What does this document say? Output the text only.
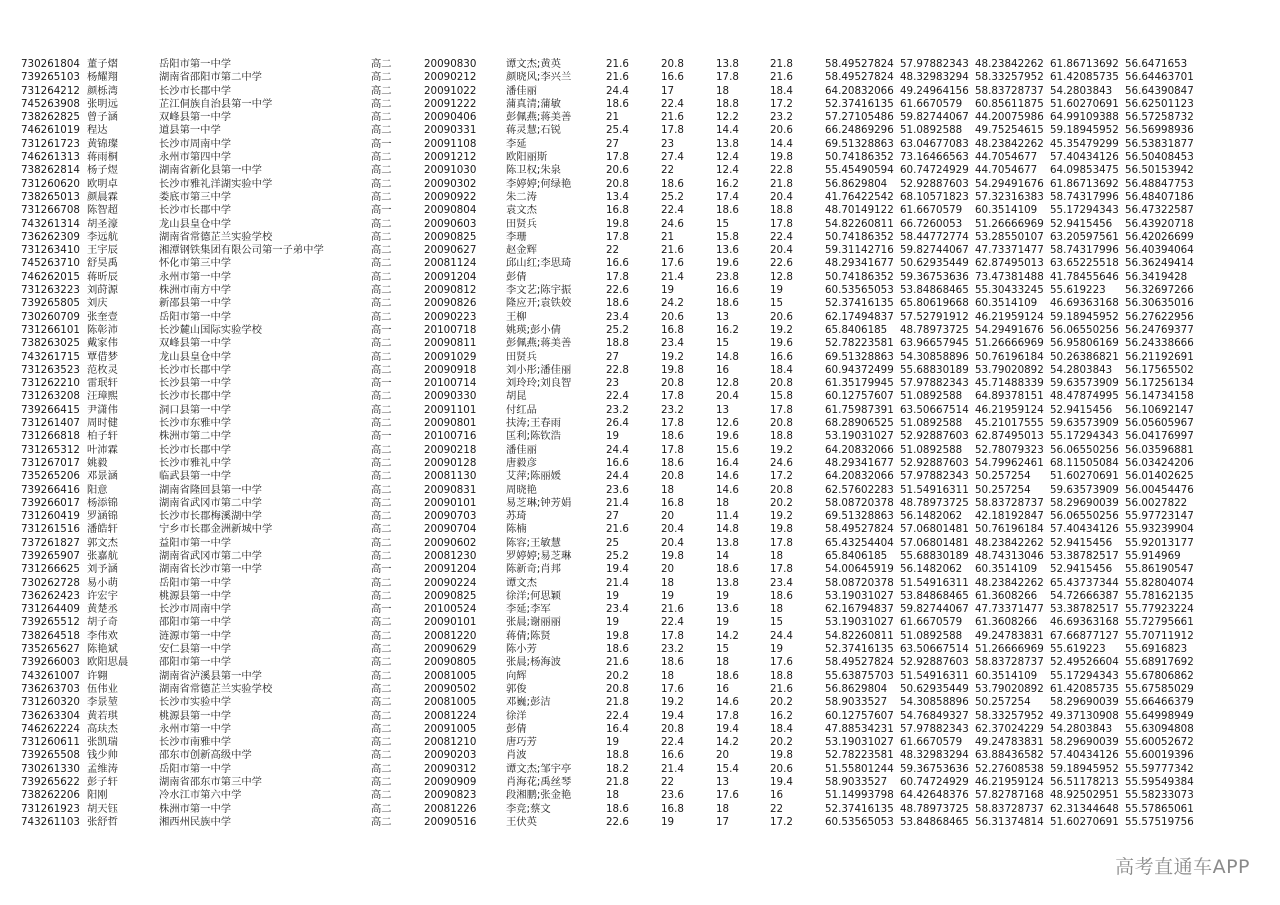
730261804	董子熠	岳阳市第一中学	高二	20090830	谭文杰;黄英	21.6	20.8	13.8	21.8	58.49527824	57.97882343	48.23842262	61.86713692	56.6471653
739265103	杨耀翔	湖南省邵阳市第二中学	高二	20090212	颜晓风;李兴兰	21.6	16.6	17.8	21.6	58.49527824	48.32983294	58.33257952	61.42085735	56.64463701
731264212	颜栎湾	长沙市长郡中学	高二	20091022	潘佳丽	24.4	17	18	18.4	64.20832066	49.24964156	58.83728737	54.2803843	56.64390847
745263908	张明远	芷江侗族自治县第一中学	高二	20091222	蒲真清;蒲敏	18.6	22.4	18.8	17.2	52.37416135	61.6670579	60.85611875	51.60270691	56.62501123
738262825	曾子涵	双峰县第一中学	高二	20090406	彭佩燕;蒋美善	21	21.6	12.2	23.2	57.27105486	59.82744067	44.20075986	64.99109388	56.57258732
746261019	程达	道县第一中学	高二	20090331	蒋灵慧;石锐	25.4	17.8	14.4	20.6	66.24869296	51.0892588	49.75254615	59.18945952	56.56998936
731261723	黄锦璨	长沙市周南中学	高一	20091108	李延	27	23	13.8	14.4	69.51328863	63.04677083	48.23842262	45.35479299	56.53831877
746261313	蒋雨桐	永州市第四中学	高二	20091212	欧阳丽斯	17.8	27.4	12.4	19.8	50.74186352	73.16466563	44.7054677	57.40434126	56.50408453
738262814	杨子煜	湖南省新化县第一中学	高二	20091030	陈卫权;朱泉	20.6	22	12.4	22.8	55.45490594	60.74724929	44.7054677	64.09853475	56.50153942
731260620	欧明卓	长沙市雅礼洋湖实验中学	高二	20090302	李婷婷;何绿艳	20.8	18.6	16.2	21.8	56.8629804	52.92887603	54.29491676	61.86713692	56.48847753
738265013	颜晨霖	娄底市第三中学	高二	20090922	朱二涛	13.4	25.2	17.4	20.4	41.76422542	68.10571823	57.32316383	58.74317996	56.48407186
731266708	陈智超	长沙市长郡中学	高一	20090804	袁文杰	16.8	22.4	18.6	18.8	48.70149122	61.6670579	60.3514109	55.17294343	56.47322587
743261314	胡圣濠	龙山县皇仓中学	高二	20090603	田贤兵	19.8	24.6	15	17.8	54.82260811	66.7260053	51.26666969	52.9415456	56.43920718
736262309	李远航	湖南省常德芷兰实验学校	高二	20090825	李珊	17.8	21	15.8	22.4	50.74186352	58.44772774	53.28550107	63.20597561	56.42026699
731263410	王宇辰	湘潭钢铁集团有限公司第一子弟中学	高二	20090627	赵金辉	22	21.6	13.6	20.4	59.31142716	59.82744067	47.73371477	58.74317996	56.40394064
745263710	舒昊禹	怀化市第三中学	高二	20081124	邱山红;李思琦	16.6	17.6	19.6	22.6	48.29341677	50.62935449	62.87495013	63.65225518	56.36249414
746262015	蒋昕辰	永州市第一中学	高二	20091204	彭倩	17.8	21.4	23.8	12.8	50.74186352	59.36753636	73.47381488	41.78455646	56.3419428
731263223	刘莳源	株洲市南方中学	高二	20090812	李文艺;陈宇振	22.6	19	16.6	19	60.53565053	53.84868465	55.30433245	55.619223	56.32697266
739265805	刘庆	新邵县第一中学	高二	20090826	隆应开;袁铁姣	18.6	24.2	18.6	15	52.37416135	65.80619668	60.3514109	46.69363168	56.30635016
730260709	张奎壹	岳阳市第一中学	高二	20090223	王柳	23.4	20.6	13	20.6	62.17494837	57.52791912	46.21959124	59.18945952	56.27622956
731266101	陈彰沛	长沙麓山国际实验学校	高一	20100718	姚瑛;彭小倩	25.2	16.8	16.2	19.2	65.8406185	48.78973725	54.29491676	56.06550256	56.24769377
738263025	戴家伟	双峰县第一中学	高二	20090811	彭佩燕;蒋美善	18.8	23.4	15	19.6	52.78223581	63.96657945	51.26666969	56.95806169	56.24338666
743261715	覃借梦	龙山县皇仓中学	高二	20091029	田贤兵	27	19.2	14.8	16.6	69.51328863	54.30858896	50.76196184	50.26386821	56.21192691
731263523	范枚灵	长沙市长郡中学	高二	20090918	刘小彤;潘佳丽	22.8	19.8	16	18.4	60.94372499	55.68830189	53.79020892	54.2803843	56.17565502
731262210	雷珉轩	长沙县第一中学	高一	20100714	刘玲玲;刘良智	23	20.8	12.8	20.8	61.35179945	57.97882343	45.71488339	59.63573909	56.17256134
731263208	汪璋熙	长沙市长郡中学	高二	20090330	胡昆	22.4	17.8	20.4	15.8	60.12757607	51.0892588	64.89378151	48.47874995	56.14734158
739266415	尹潇伟	洞口县第一中学	高二	20091101	付红品	23.2	23.2	13	17.8	61.75987391	63.50667514	46.21959124	52.9415456	56.10692147
731261407	周时健	长沙市东雅中学	高二	20090801	扶涛;王春雨	26.4	17.8	12.6	20.8	68.28906525	51.0892588	45.21017555	59.63573909	56.05605967
731266818	柏子轩	株洲市第二中学	高一	20100716	匡利;陈钦浩	19	18.6	19.6	18.8	53.19031027	52.92887603	62.87495013	55.17294343	56.04176997
731265312	叶沛霖	长沙市长郡中学	高二	20090218	潘佳丽	24.4	17.8	15.6	19.2	64.20832066	51.0892588	52.78079323	56.06550256	56.03596881
731267017	姚毅	长沙市雅礼中学	高二	20090128	唐毅彦	16.6	18.6	16.4	24.6	48.29341677	52.92887603	54.79962461	68.11505084	56.03424206
735265206	邓景涵	临武县第一中学	高二	20081130	艾萍;陈丽媛	24.4	20.8	14.6	17.2	64.20832066	57.97882343	50.257254	51.60270691	56.01402625
739266416	阳意	湖南省隆回县第一中学	高二	20090831	周晓艳	23.6	18	14.6	20.8	62.57602283	51.54916311	50.257254	59.63573909	56.00454476
739266017	杨添锦	湖南省武冈市第二中学	高二	20090101	易芝琳;钟芳娟	21.4	16.8	18	20.2	58.08720378	48.78973725	58.83728737	58.29690039	56.0027822
731260419	罗涵锦	长沙市长郡梅溪湖中学	高二	20090703	苏琦	27	20	11.4	19.2	69.51328863	56.1482062	42.18192847	56.06550256	55.97723147
731261516	潘皓轩	宁乡市长郡金洲新城中学	高二	20090704	陈楠	21.6	20.4	14.8	19.8	58.49527824	57.06801481	50.76196184	57.40434126	55.93239904
737261827	郭文杰	益阳市第一中学	高二	20090602	陈容;王敏慧	25	20.4	13.8	17.8	65.43254404	57.06801481	48.23842262	52.9415456	55.92013177
739265907	张嘉航	湖南省武冈市第二中学	高二	20081230	罗婷婷;易芝琳	25.2	19.8	14	18	65.8406185	55.68830189	48.74313046	53.38782517	55.914969
731266625	刘予涵	湖南省长沙市第一中学	高一	20091204	陈新奇;肖邦	19.4	20	18.6	17.8	54.00645919	56.1482062	60.3514109	52.9415456	55.86190547
730262728	易小萌	岳阳市第一中学	高二	20090224	谭文杰	21.4	18	13.8	23.4	58.08720378	51.54916311	48.23842262	65.43737344	55.82804074
736262423	许宏宇	桃源县第一中学	高二	20090825	徐洋;何思颖	19	19	19	18.6	53.19031027	53.84868465	61.3608266	54.72666387	55.78162135
731264409	黄楚丞	长沙市周南中学	高一	20100524	李延;李军	23.4	21.6	13.6	18	62.16794837	59.82744067	47.73371477	53.38782517	55.77923224
739265512	胡子奇	邵阳市第一中学	高二	20090101	张晨;谢丽丽	19	22.4	19	15	53.19031027	61.6670579	61.3608266	46.69363168	55.72795661
738264518	李伟欢	涟源市第一中学	高二	20081220	蒋倩;陈贤	19.8	17.8	14.2	24.4	54.82260811	51.0892588	49.24783831	67.66877127	55.70711912
735265627	陈艳斌	安仁县第一中学	高二	20090629	陈小芳	18.6	23.2	15	19	52.37416135	63.50667514	51.26666969	55.619223	55.6916823
739266003	欧阳思晨	邵阳市第一中学	高二	20090805	张晨;杨海波	21.6	18.6	18	17.6	58.49527824	52.92887603	58.83728737	52.49526604	55.68917692
743261007	许翱	湖南省泸溪县第一中学	高二	20081005	向辉	20.2	18	18.6	18.8	55.63875703	51.54916311	60.3514109	55.17294343	55.67806862
736263703	伍伟业	湖南省常德芷兰实验学校	高二	20090502	郭俊	20.8	17.6	16	21.6	56.8629804	50.62935449	53.79020892	61.42085735	55.67585029
731260320	李景堃	长沙市实验中学	高二	20081005	邓巍;彭洁	21.8	19.2	14.6	20.2	58.9033527	54.30858896	50.257254	58.29690039	55.66466379
736263304	黄若琪	桃源县第一中学	高二	20081224	徐洋	22.4	19.4	17.8	16.2	60.12757607	54.76849327	58.33257952	49.37130908	55.64998949
746262224	高玞杰	永州市第一中学	高二	20091005	彭倩	16.4	20.8	19.4	18.4	47.88534231	57.97882343	62.37024229	54.2803843	55.63094808
731260611	张凯瑞	长沙市南雅中学	高二	20081210	唐巧芳	19	22.4	14.2	20.2	53.19031027	61.6670579	49.24783831	58.29690039	55.60052672
739265508	钱少帅	邵东市创新高级中学	高二	20090203	肖波	18.8	16.6	20	19.8	52.78223581	48.32983294	63.88436582	57.40434126	55.60019396
730261330	孟维涛	岳阳市第一中学	高二	20090312	谭文杰;邹宇亭	18.2	21.4	15.4	20.6	51.55801244	59.36753636	52.27608538	59.18945952	55.59777342
739265622	彭子轩	湖南省邵东市第三中学	高二	20090909	肖海花;禹丝琴	21.8	22	13	19.4	58.9033527	60.74724929	46.21959124	56.51178213	55.59549384
738262206	阳刚	冷水江市第六中学	高二	20090823	段湘鹏;张金艳	18	23.6	17.6	16	51.14993798	64.42648376	57.82787168	48.92502951	55.58233073
731261923	胡天钰	株洲市第一中学	高二	20081226	李竞;蔡文	18.6	16.8	18	22	52.37416135	48.78973725	58.83728737	62.31344648	55.57865061
743261103	张舒哲	湘西州民族中学	高二	20090516	王伏英	22.6	19	17	17.2	60.53565053	53.84868465	56.31374814	51.60270691	55.57519756
高考直通车APP
